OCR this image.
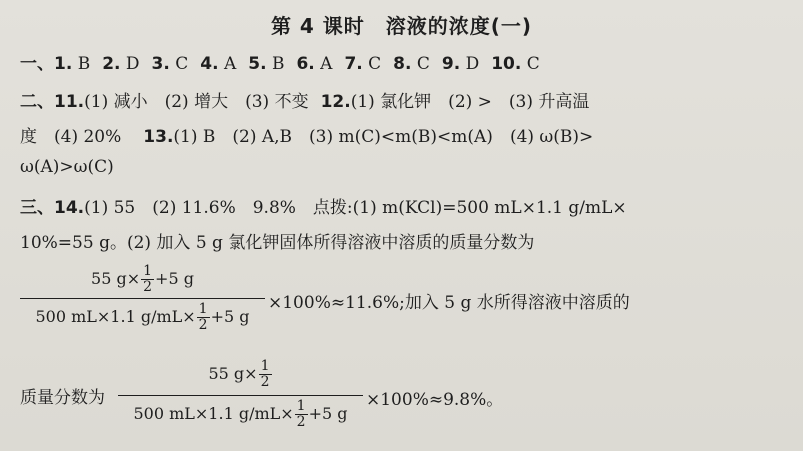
第 4 课时　溶液的浓度(一)
一、1. B 2. D 3. C 4. A 5. B 6. A 7. C 8. C 9. D 10. C
二、11.(1) 减小　(2) 增大　(3) 不变 12.(1) 氯化钾　(2) >　(3) 升高温
度　(4) 20% 13.(1) B　(2) A,B　(3) m(C)<m(B)<m(A)　(4) ω(B)>
ω(A)>ω(C)
三、14.(1) 55　(2) 11.6%　9.8%　点拨:(1) m(KCl)=500 mL×1.1 g/mL×
10%=55 g。(2) 加入 5 g 氯化钾固体所得溶液中溶质的质量分数为
55 $g\times \frac{1}{2} +5$ g
500 mL×1.1 $g/mL\times \frac{1}{2} +5$ g
×100%≈11.6%;加入 5 g 水所得溶液中溶质的
质量分数为
55 $g\times \frac{1}{2}$
500 mL×1.1 $g/mL\times \frac{1}{2} +5$ g
×100%≈9.8%。
